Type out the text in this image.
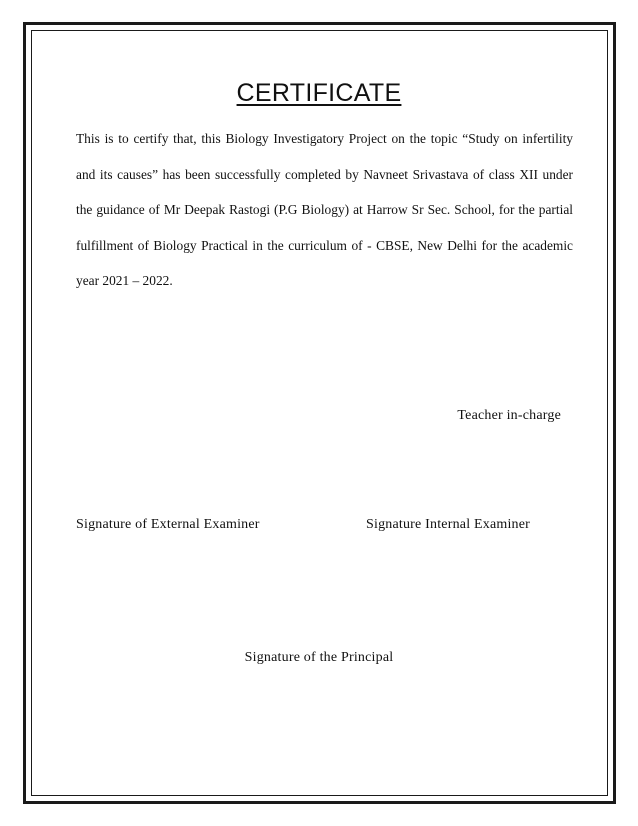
CERTIFICATE

This is to certify that, this Biology Investigatory Project on the topic “Study on infertility and its causes” has been successfully completed by Navneet Srivastava of class XII under the guidance of Mr Deepak Rastogi (P.G Biology) at Harrow Sr Sec. School, for the partial fulfillment of Biology Practical in the curriculum of - CBSE, New Delhi for the academic year 2021 – 2022.

Teacher in-charge
Signature of External Examiner	Signature Internal Examiner
Signature of the Principal
